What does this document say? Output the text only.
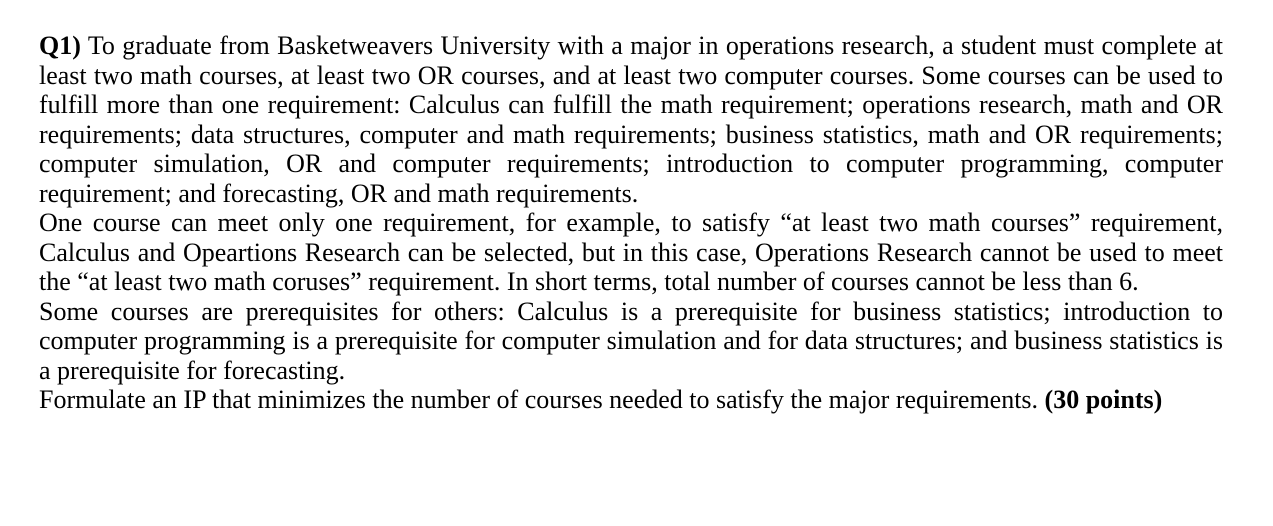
Q1) To graduate from Basketweavers University with a major in operations research, a student must complete at least two math courses, at least two OR courses, and at least two computer courses. Some courses can be used to fulfill more than one requirement: Calculus can fulfill the math requirement; operations research, math and OR requirements; data structures, computer and math requirements; business statistics, math and OR requirements; computer simulation, OR and computer requirements; introduction to computer programming, computer requirement; and forecasting, OR and math requirements.

One course can meet only one requirement, for example, to satisfy “at least two math courses” requirement, Calculus and Opeartions Research can be selected, but in this case, Operations Research cannot be used to meet the “at least two math coruses” requirement. In short terms, total number of courses cannot be less than 6.

Some courses are prerequisites for others: Calculus is a prerequisite for business statistics; introduction to computer programming is a prerequisite for computer simulation and for data structures; and business statistics is a prerequisite for forecasting.

Formulate an IP that minimizes the number of courses needed to satisfy the major requirements. (30 points)
